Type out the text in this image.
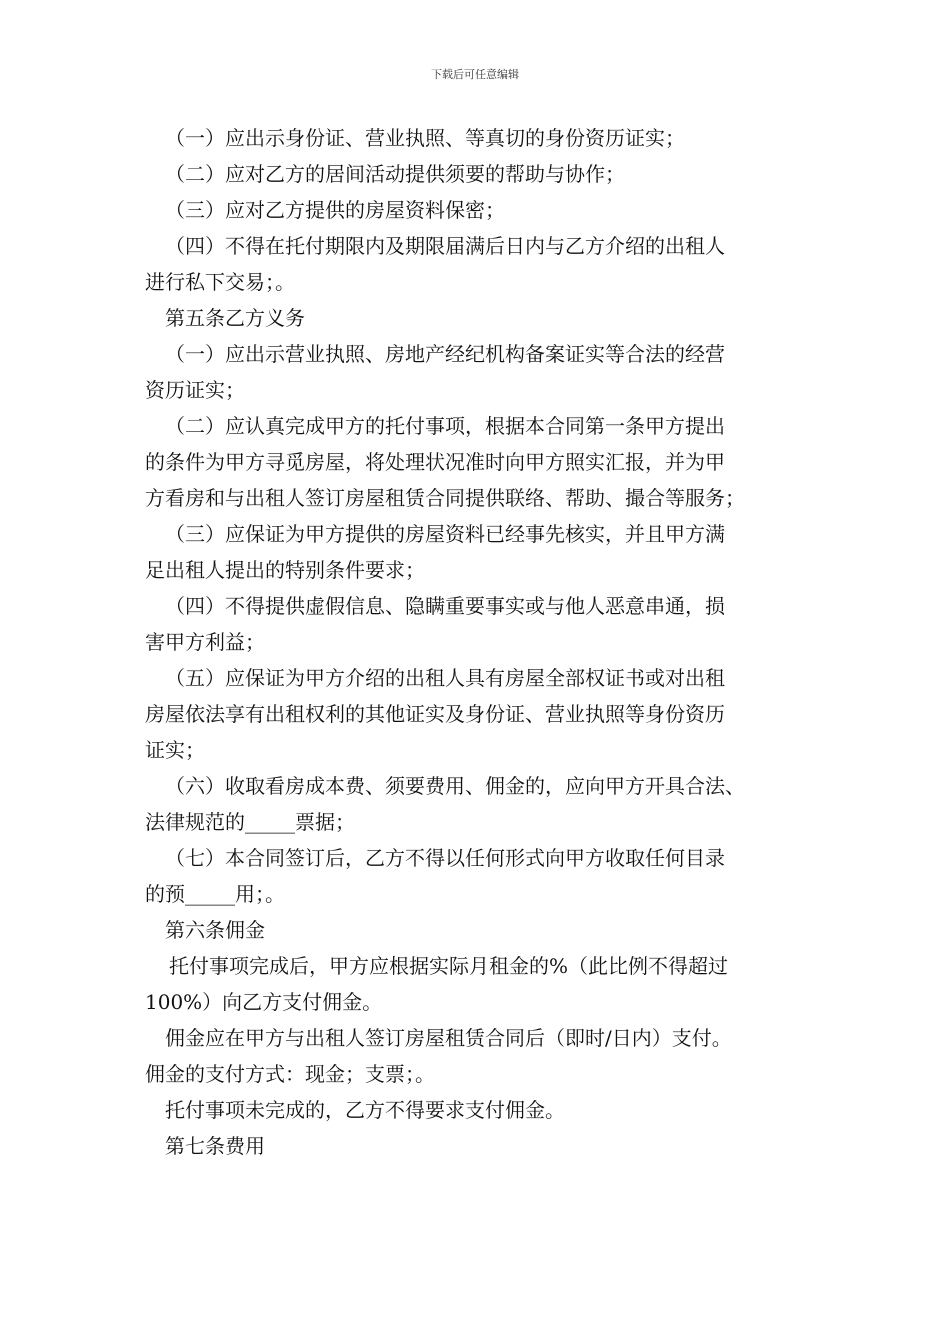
下载后可任意编辑
（一）应出示身份证、营业执照、等真切的身份资历证实；
（二）应对乙方的居间活动提供须要的帮助与协作；
（三）应对乙方提供的房屋资料保密；
（四）不得在托付期限内及期限届满后日内与乙方介绍的出租人
进行私下交易；。
第五条乙方义务
（一）应出示营业执照、房地产经纪机构备案证实等合法的经营
资历证实；
（二）应认真完成甲方的托付事项，根据本合同第一条甲方提出
的条件为甲方寻觅房屋，将处理状况准时向甲方照实汇报，并为甲
方看房和与出租人签订房屋租赁合同提供联络、帮助、撮合等服务；
（三）应保证为甲方提供的房屋资料已经事先核实，并且甲方满
足出租人提出的特别条件要求；
（四）不得提供虚假信息、隐瞒重要事实或与他人恶意串通，损
害甲方利益；
（五）应保证为甲方介绍的出租人具有房屋全部权证书或对出租
房屋依法享有出租权利的其他证实及身份证、营业执照等身份资历
证实；
（六）收取看房成本费、须要费用、佣金的，应向甲方开具合法、
法律规范的_____票据；
（七）本合同签订后，乙方不得以任何形式向甲方收取任何目录
的预_____用；。
第六条佣金
托付事项完成后，甲方应根据实际月租金的%（此比例不得超过
100%）向乙方支付佣金。
佣金应在甲方与出租人签订房屋租赁合同后（即时/日内）支付。
佣金的支付方式：现金；支票；。
托付事项未完成的，乙方不得要求支付佣金。
第七条费用
